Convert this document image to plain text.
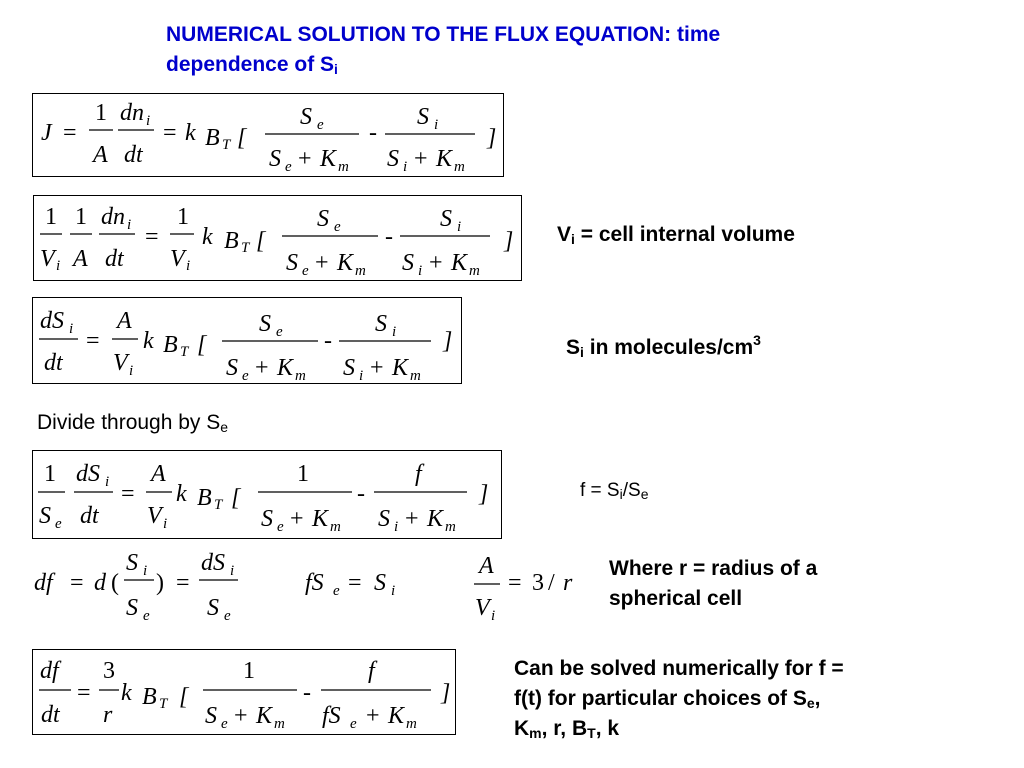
NUMERICAL SOLUTION TO THE FLUX EQUATION: time
dependence of $S_i$
J =
1
A
dn i
dt
= k B T [
S e
S e + K m
-
S i
S i + K m
]
1
V i
1
A
dn i
dt
=
1
V i
k B T [
S e
S e + K m
-
S i
S i + K m
] $V_i$ = cell internal volume
dS i
dt
=
A
V i
k B T [
S e
S e + K m
-
S i
S i + K m
]	$S_i$ in molecules/$cm^3$
Divide through by $S_e$
1
S e
dS i
dt
=
A
V i
k B T [
1
S e + K m
-
f
S i + K m
]	$f = S_i/S_e$
df = d (
S i
S e
) =
dS i
S e
fS e = S i
A
V i
= 3 / r
Where r = radius of a
spherical cell
df
dt
=
3
r
k B T [
1
S e + K m
-
f
fS e + K m
]
Can be solved numerically for f =
f(t) for particular choices of $S_e$,
$K_m$, r, $B_T$, k
